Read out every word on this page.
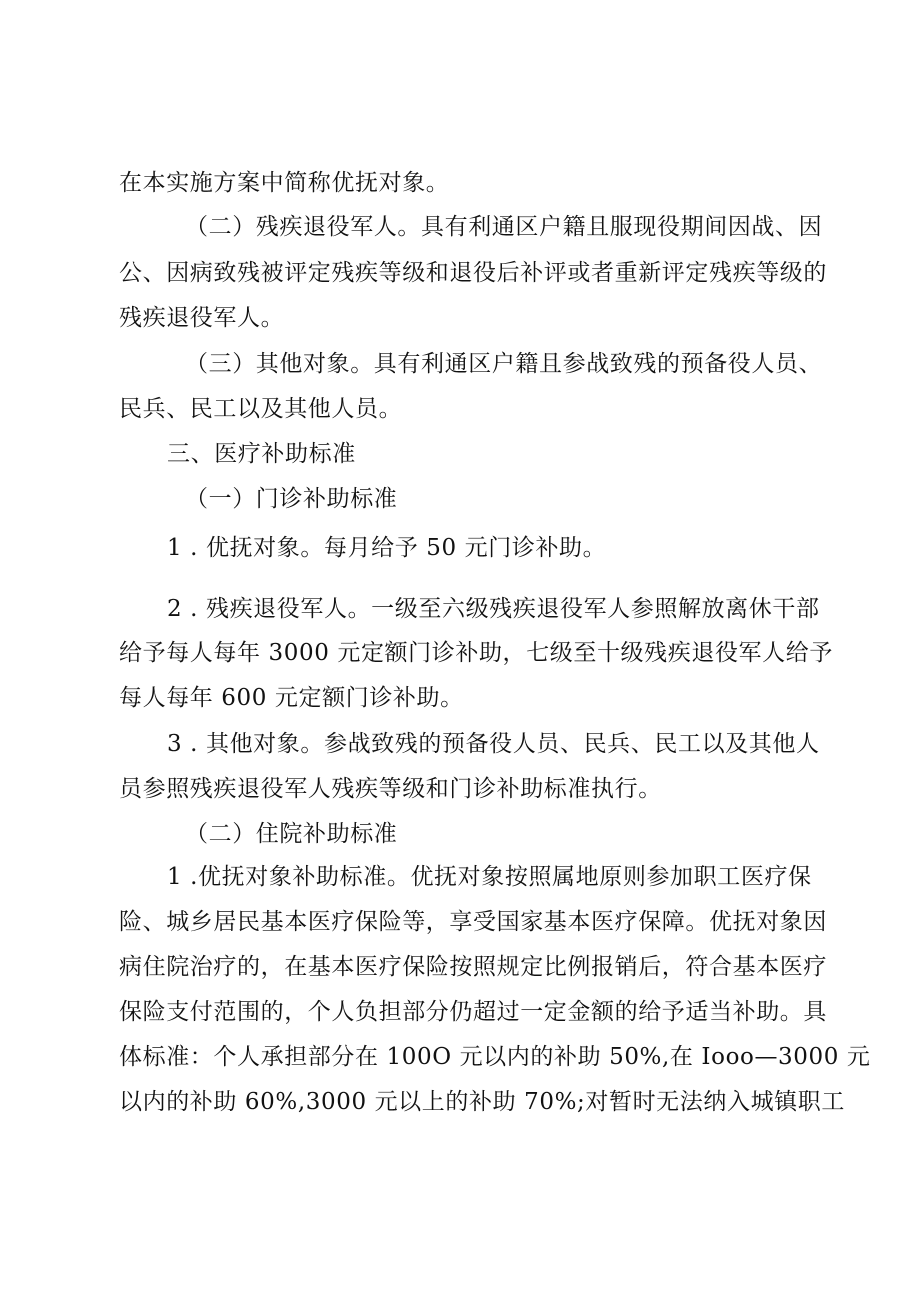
在本实施方案中简称优抚对象。
（二）残疾退役军人。具有利通区户籍且服现役期间因战、因
公、因病致残被评定残疾等级和退役后补评或者重新评定残疾等级的
残疾退役军人。
（三）其他对象。具有利通区户籍且参战致残的预备役人员、
民兵、民工以及其他人员。
三、医疗补助标准
（一）门诊补助标准
1 . 优抚对象。每月给予 50 元门诊补助。
2 . 残疾退役军人。一级至六级残疾退役军人参照解放离休干部
给予每人每年 3000 元定额门诊补助，七级至十级残疾退役军人给予
每人每年 600 元定额门诊补助。
3 . 其他对象。参战致残的预备役人员、民兵、民工以及其他人
员参照残疾退役军人残疾等级和门诊补助标准执行。
（二）住院补助标准
1 .优抚对象补助标准。优抚对象按照属地原则参加职工医疗保
险、城乡居民基本医疗保险等，享受国家基本医疗保障。优抚对象因
病住院治疗的，在基本医疗保险按照规定比例报销后，符合基本医疗
保险支付范围的，个人负担部分仍超过一定金额的给予适当补助。具
体标准：个人承担部分在 100O 元以内的补助 50%,在 Iooo—3000 元
以内的补助 60%,3000 元以上的补助 70%;对暂时无法纳入城镇职工
